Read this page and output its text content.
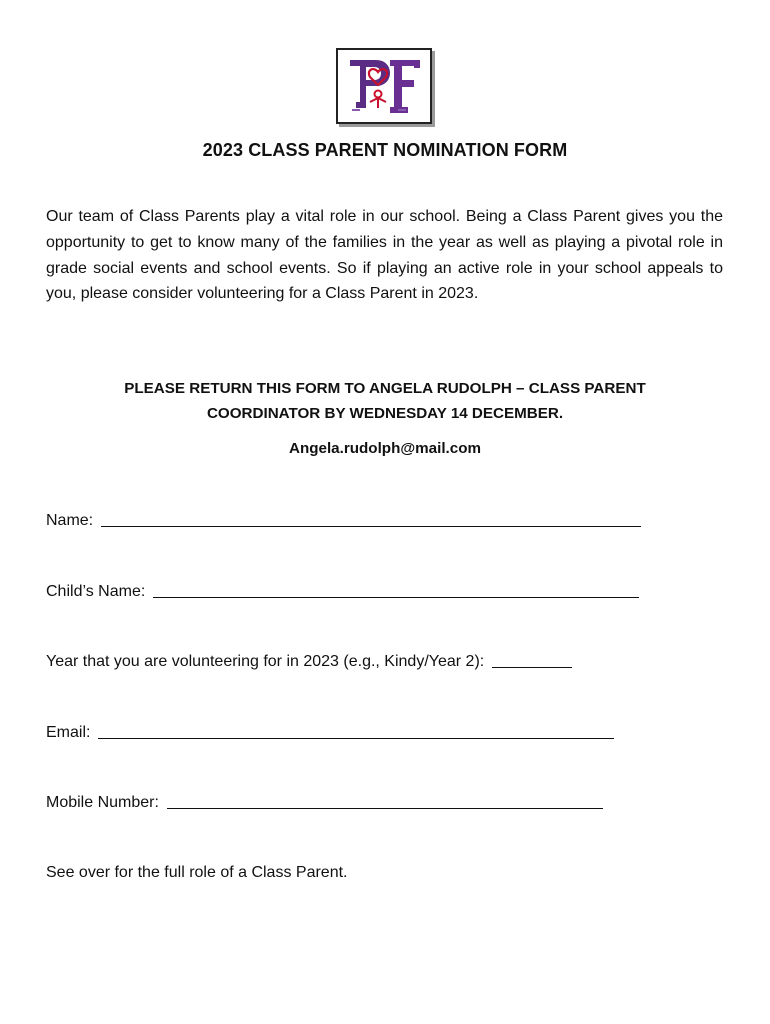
2023 CLASS PARENT NOMINATION FORM

Our team of Class Parents play a vital role in our school. Being a Class Parent gives you the opportunity to get to know many of the families in the year as well as playing a pivotal role in grade social events and school events. So if playing an active role in your school appeals to you, please consider volunteering for a Class Parent in 2023.

PLEASE RETURN THIS FORM TO ANGELA RUDOLPH – CLASS PARENT COORDINATOR BY WEDNESDAY 14 DECEMBER.

Angela.rudolph@mail.com

Name:
Child’s Name:
Year that you are volunteering for in 2023 (e.g., Kindy/Year 2):
Email:
Mobile Number:

See over for the full role of a Class Parent.
